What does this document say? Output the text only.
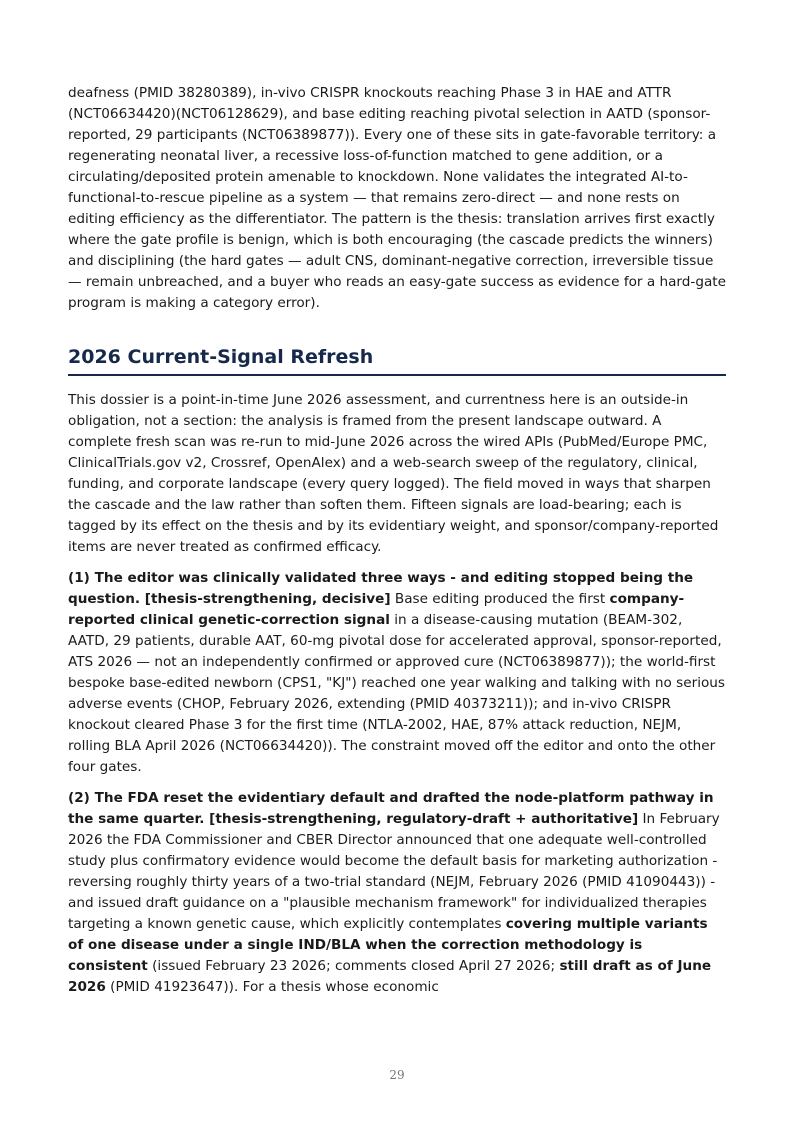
deafness (PMID 38280389), in-vivo CRISPR knockouts reaching Phase 3 in HAE and ATTR (NCT06634420)(NCT06128629), and base editing reaching pivotal selection in AATD (sponsor-reported, 29 participants (NCT06389877)). Every one of these sits in gate-favorable territory: a regenerating neonatal liver, a recessive loss-of-function matched to gene addition, or a circulating/deposited protein amenable to knockdown. None validates the integrated AI-to-functional-to-rescue pipeline as a system — that remains zero-direct — and none rests on editing efficiency as the differentiator. The pattern is the thesis: translation arrives first exactly where the gate profile is benign, which is both encouraging (the cascade predicts the winners) and disciplining (the hard gates — adult CNS, dominant-negative correction, irreversible tissue — remain unbreached, and a buyer who reads an easy-gate success as evidence for a hard-gate program is making a category error).

2026 Current-Signal Refresh

This dossier is a point-in-time June 2026 assessment, and currentness here is an outside-in obligation, not a section: the analysis is framed from the present landscape outward. A complete fresh scan was re-run to mid-June 2026 across the wired APIs (PubMed/Europe PMC, ClinicalTrials.gov v2, Crossref, OpenAlex) and a web-search sweep of the regulatory, clinical, funding, and corporate landscape (every query logged). The field moved in ways that sharpen the cascade and the law rather than soften them. Fifteen signals are load-bearing; each is tagged by its effect on the thesis and by its evidentiary weight, and sponsor/company-reported items are never treated as confirmed efficacy.

(1) The editor was clinically validated three ways - and editing stopped being the question. [thesis-strengthening, decisive] Base editing produced the first company-reported clinical genetic-correction signal in a disease-causing mutation (BEAM-302, AATD, 29 patients, durable AAT, 60-mg pivotal dose for accelerated approval, sponsor-reported, ATS 2026 — not an independently confirmed or approved cure (NCT06389877)); the world-first bespoke base-edited newborn (CPS1, "KJ") reached one year walking and talking with no serious adverse events (CHOP, February 2026, extending (PMID 40373211)); and in-vivo CRISPR knockout cleared Phase 3 for the first time (NTLA-2002, HAE, 87% attack reduction, NEJM, rolling BLA April 2026 (NCT06634420)). The constraint moved off the editor and onto the other four gates.

(2) The FDA reset the evidentiary default and drafted the node-platform pathway in the same quarter. [thesis-strengthening, regulatory-draft + authoritative] In February 2026 the FDA Commissioner and CBER Director announced that one adequate well-controlled study plus confirmatory evidence would become the default basis for marketing authorization - reversing roughly thirty years of a two-trial standard (NEJM, February 2026 (PMID 41090443)) - and issued draft guidance on a "plausible mechanism framework" for individualized therapies targeting a known genetic cause, which explicitly contemplates covering multiple variants of one disease under a single IND/BLA when the correction methodology is consistent (issued February 23 2026; comments closed April 27 2026; still draft as of June 2026 (PMID 41923647)). For a thesis whose economic

29
